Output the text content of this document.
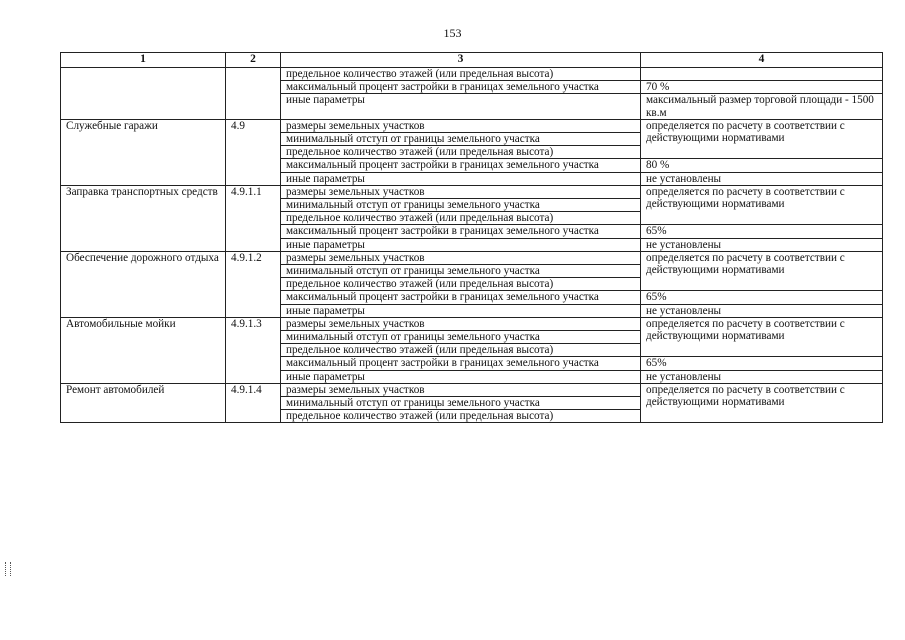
153
1	2	3	4
		предельное количество этажей (или предельная высота)	
		максимальный процент застройки в границах земельного участка	70 %
		иные параметры	максимальный размер торговой площади - 1500 кв.м
Служебные гаражи	4.9	размеры земельных участков	определяется по расчету в соответствии с действующими нормативами
		минимальный отступ от границы земельного участка	
		предельное количество этажей (или предельная высота)	
		максимальный процент застройки в границах земельного участка	80 %
		иные параметры	не установлены
Заправка транспортных средств	4.9.1.1	размеры земельных участков	определяется по расчету в соответствии с действующими нормативами
		минимальный отступ от границы земельного участка	
		предельное количество этажей (или предельная высота)	
		максимальный процент застройки в границах земельного участка	65%
		иные параметры	не установлены
Обеспечение дорожного отдыха	4.9.1.2	размеры земельных участков	определяется по расчету в соответствии с действующими нормативами
		минимальный отступ от границы земельного участка	
		предельное количество этажей (или предельная высота)	
		максимальный процент застройки в границах земельного участка	65%
		иные параметры	не установлены
Автомобильные мойки	4.9.1.3	размеры земельных участков	определяется по расчету в соответствии с действующими нормативами
		минимальный отступ от границы земельного участка	
		предельное количество этажей (или предельная высота)	
		максимальный процент застройки в границах земельного участка	65%
		иные параметры	не установлены
Ремонт автомобилей	4.9.1.4	размеры земельных участков	определяется по расчету в соответствии с действующими нормативами
		минимальный отступ от границы земельного участка	
		предельное количество этажей (или предельная высота)	
